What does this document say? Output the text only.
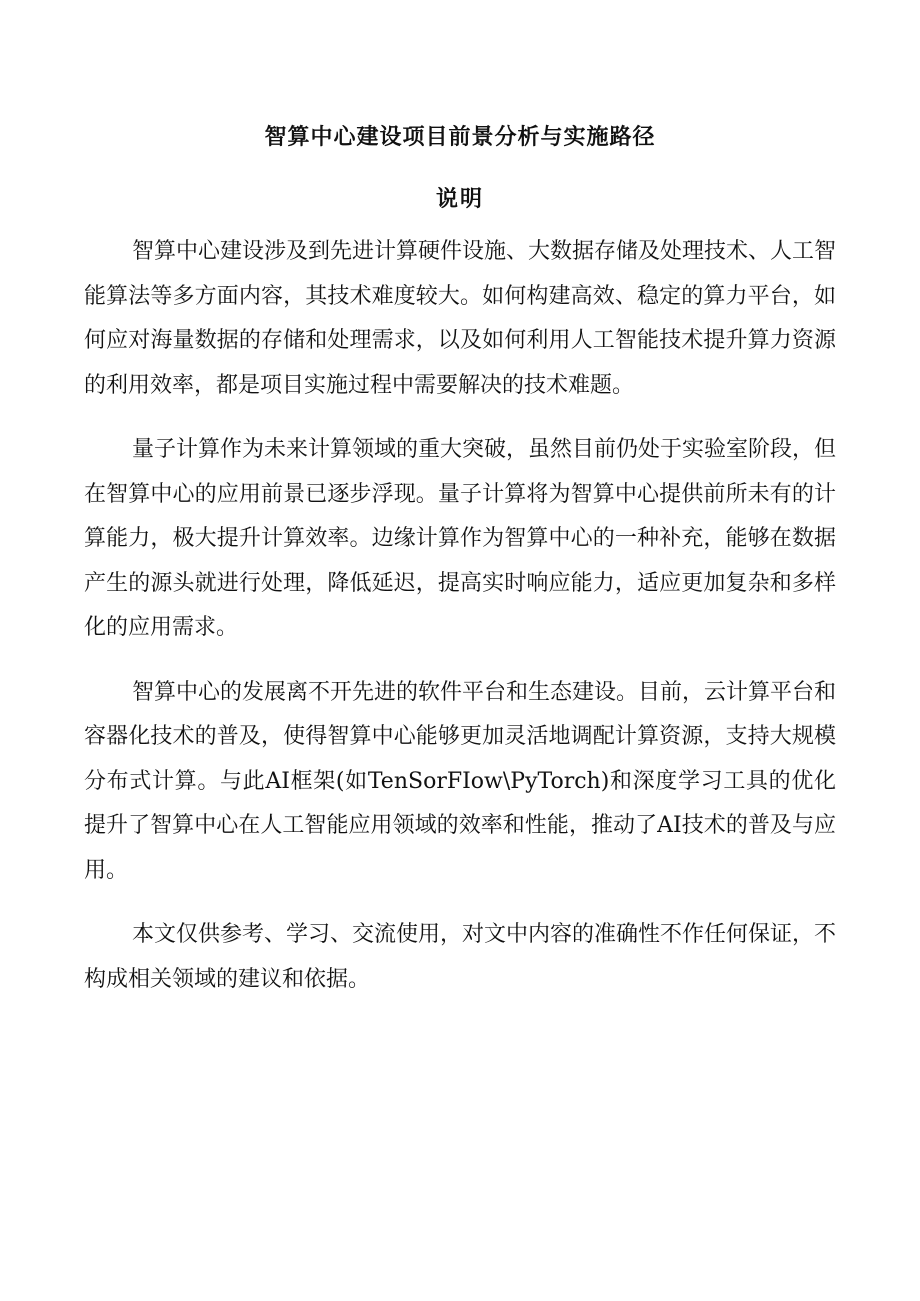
智算中心建设项目前景分析与实施路径
说明

智算中心建设涉及到先进计算硬件设施、大数据存储及处理技术、人工智能算法等多方面内容，其技术难度较大。如何构建高效、稳定的算力平台，如何应对海量数据的存储和处理需求，以及如何利用人工智能技术提升算力资源的利用效率，都是项目实施过程中需要解决的技术难题。

量子计算作为未来计算领域的重大突破，虽然目前仍处于实验室阶段，但在智算中心的应用前景已逐步浮现。量子计算将为智算中心提供前所未有的计算能力，极大提升计算效率。边缘计算作为智算中心的一种补充，能够在数据产生的源头就进行处理，降低延迟，提高实时响应能力，适应更加复杂和多样化的应用需求。

智算中心的发展离不开先进的软件平台和生态建设。目前，云计算平台和容器化技术的普及，使得智算中心能够更加灵活地调配计算资源，支持大规模分布式计算。与此AI框架(如TenSorFIow\PyTorch)和深度学习工具的优化提升了智算中心在人工智能应用领域的效率和性能，推动了AI技术的普及与应用。

本文仅供参考、学习、交流使用，对文中内容的准确性不作任何保证，不构成相关领域的建议和依据。
